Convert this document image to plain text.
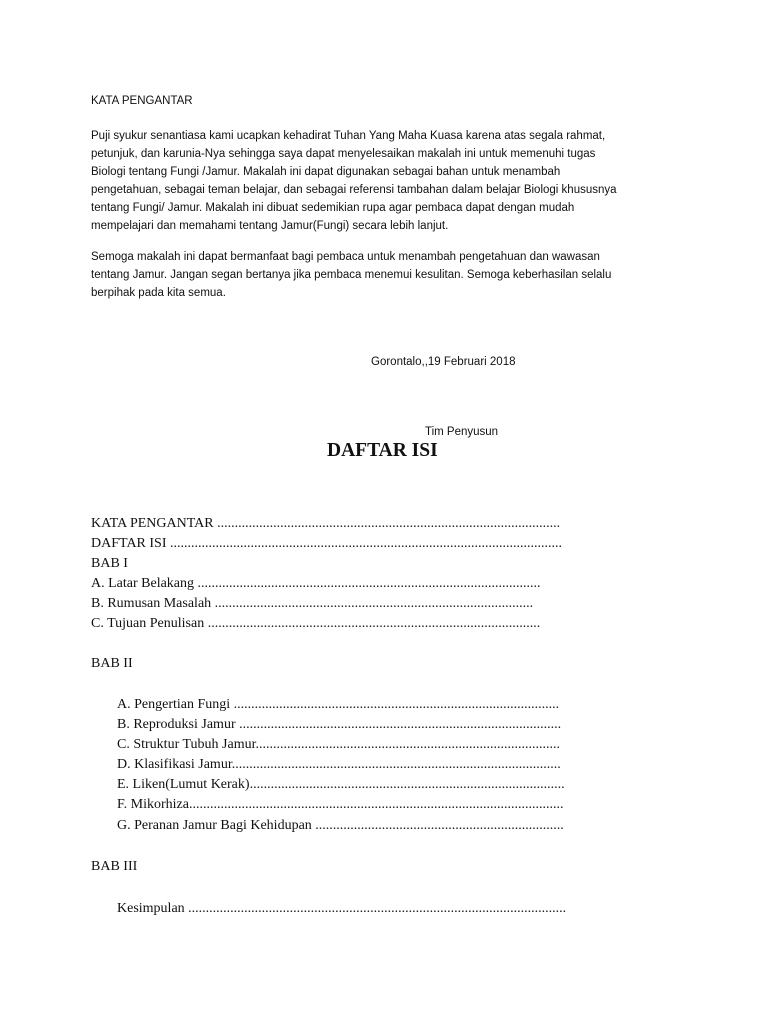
KATA PENGANTAR

Puji syukur senantiasa kami ucapkan kehadirat Tuhan Yang Maha Kuasa karena atas segala rahmat,
petunjuk, dan karunia-Nya sehingga saya dapat menyelesaikan makalah ini untuk memenuhi tugas
Biologi tentang Fungi /Jamur. Makalah ini dapat digunakan sebagai bahan untuk menambah
pengetahuan, sebagai teman belajar, dan sebagai referensi tambahan dalam belajar Biologi khususnya
tentang Fungi/ Jamur. Makalah ini dibuat sedemikian rupa agar pembaca dapat dengan mudah
mempelajari dan memahami tentang Jamur(Fungi) secara lebih lanjut.
Semoga makalah ini dapat bermanfaat bagi pembaca untuk menambah pengetahuan dan wawasan
tentang Jamur. Jangan segan bertanya jika pembaca menemui kesulitan. Semoga keberhasilan selalu
berpihak pada kita semua.

Gorontalo,,19 Februari 2018

Tim Penyusun

DAFTAR ISI

KATA PENGANTAR ..................................................................................................

DAFTAR ISI ................................................................................................................

BAB I

A. Latar Belakang ..................................................................................................

B. Rumusan Masalah ...........................................................................................

C. Tujuan Penulisan ...............................................................................................

BAB II

A. Pengertian Fungi .............................................................................................

B. Reproduksi Jamur ............................................................................................

C. Struktur Tubuh Jamur.......................................................................................

D. Klasifikasi Jamur..............................................................................................

E. Liken(Lumut Kerak)..........................................................................................

F. Mikorhiza...........................................................................................................

G. Peranan Jamur Bagi Kehidupan .......................................................................

BAB III

Kesimpulan ............................................................................................................
